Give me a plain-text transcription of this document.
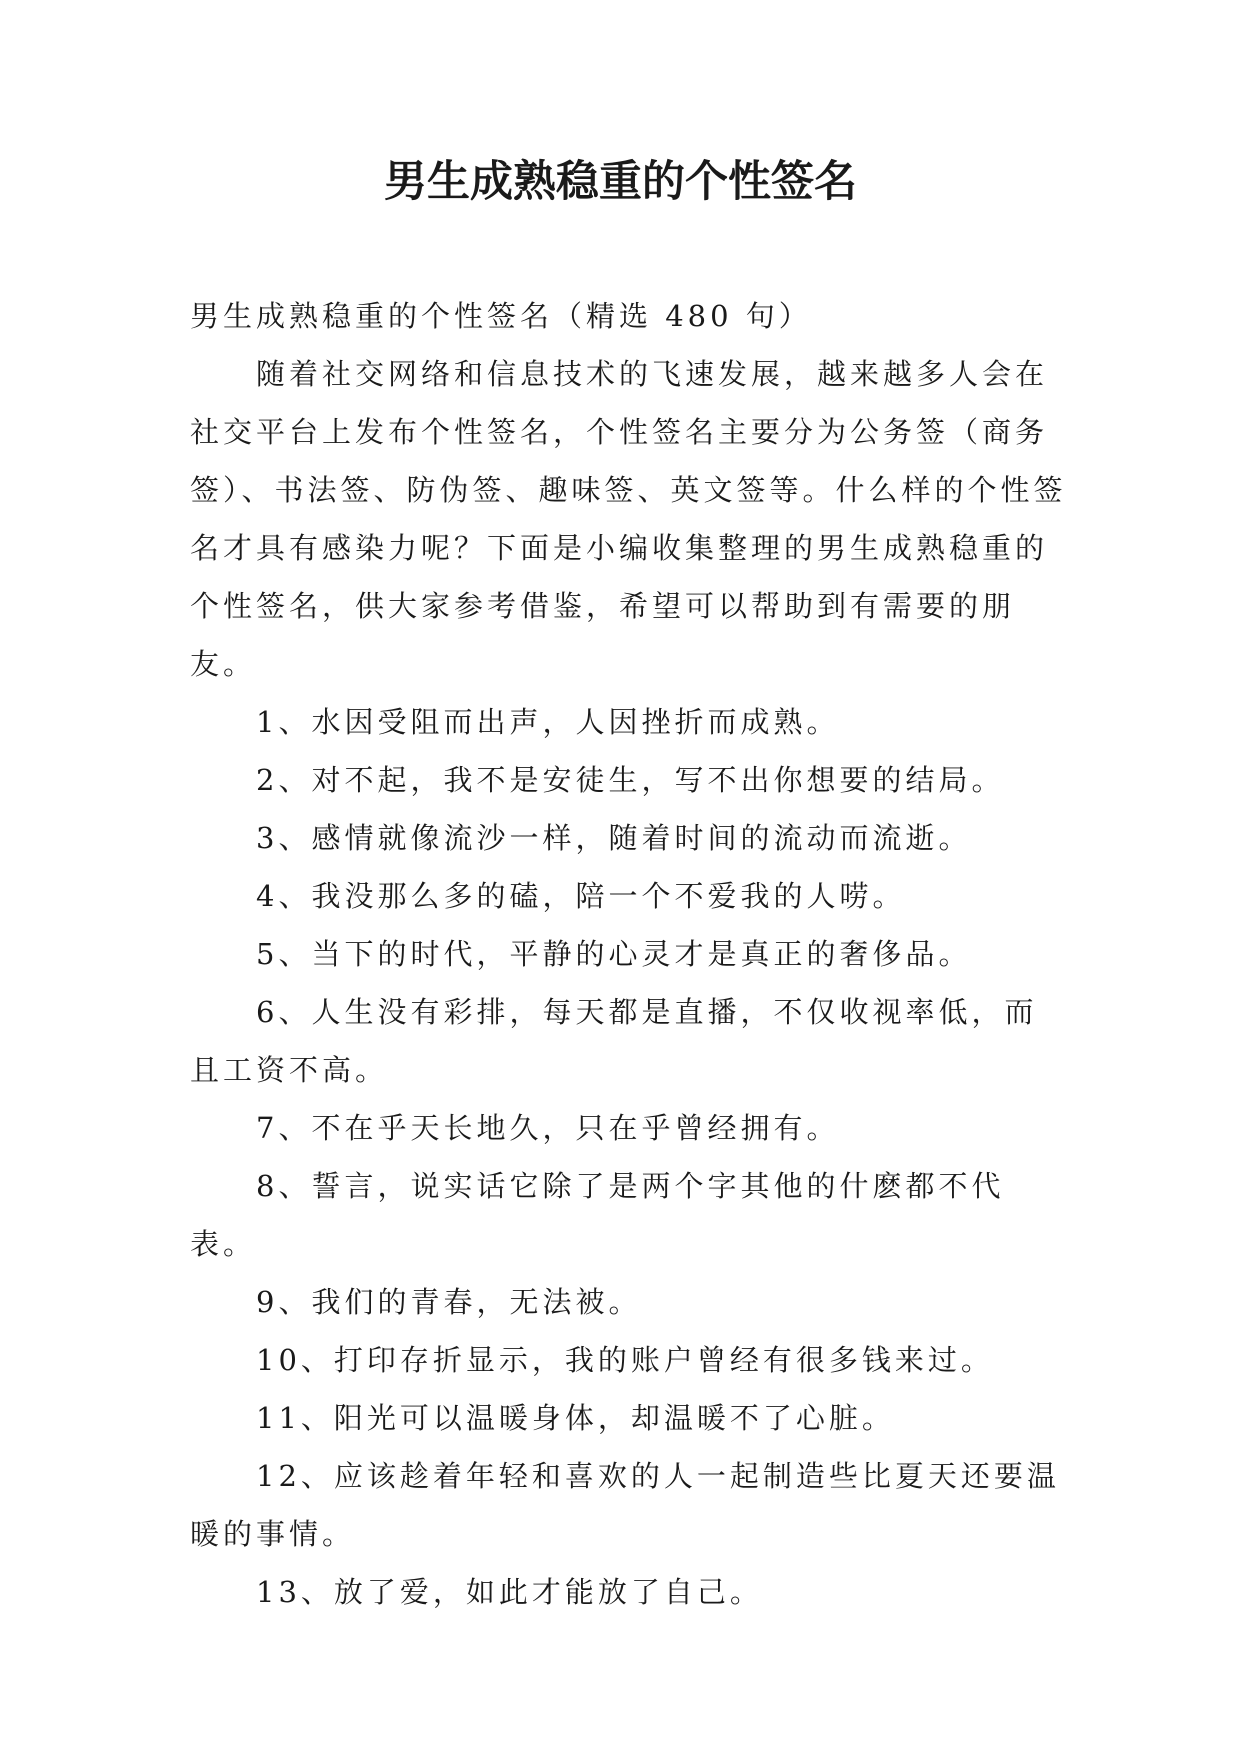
男生成熟稳重的个性签名

男生成熟稳重的个性签名（精选 480 句）

随着社交网络和信息技术的飞速发展，越来越多人会在社交平台上发布个性签名，个性签名主要分为公务签（商务签）、书法签、防伪签、趣味签、英文签等。什么样的个性签名才具有感染力呢？下面是小编收集整理的男生成熟稳重的个性签名，供大家参考借鉴，希望可以帮助到有需要的朋友。

1、水因受阻而出声，人因挫折而成熟。
2、对不起，我不是安徒生，写不出你想要的结局。
3、感情就像流沙一样，随着时间的流动而流逝。
4、我没那么多的磕，陪一个不爱我的人唠。
5、当下的时代，平静的心灵才是真正的奢侈品。
6、人生没有彩排，每天都是直播，不仅收视率低，而且工资不高。
7、不在乎天长地久，只在乎曾经拥有。
8、誓言，说实话它除了是两个字其他的什麽都不代表。
9、我们的青春，无法被。
10、打印存折显示，我的账户曾经有很多钱来过。
11、阳光可以温暖身体，却温暖不了心脏。
12、应该趁着年轻和喜欢的人一起制造些比夏天还要温暖的事情。
13、放了爱，如此才能放了自己。
